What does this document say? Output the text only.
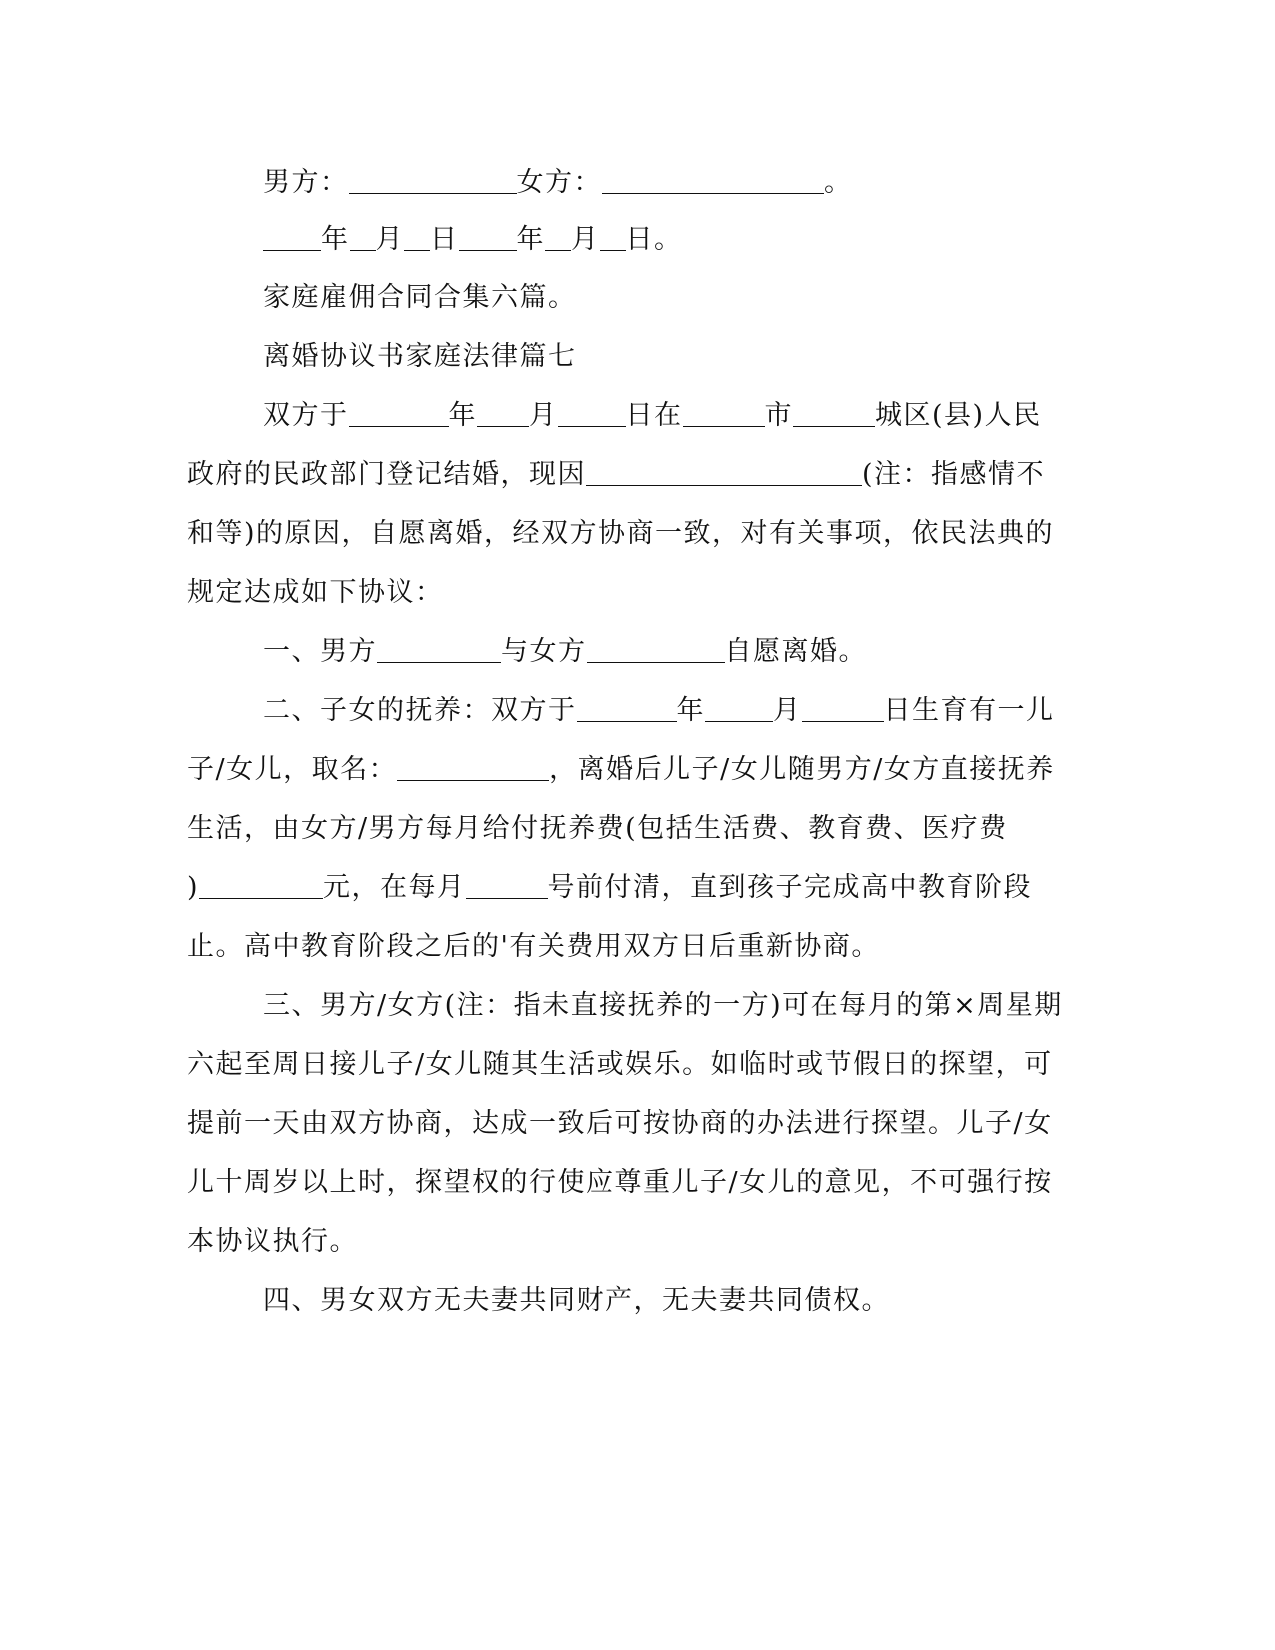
男方：	女方：	。
年 月 日 年 月 日。
家庭雇佣合同合集六篇。
离婚协议书家庭法律篇七
双方于	年 月	日在	市	城区(县)人民
政府的民政部门登记结婚，现因	(注：指感情不
和等)的原因，自愿离婚，经双方协商一致，对有关事项，依民法典的
规定达成如下协议：
一、男方	与女方	自愿离婚。
二、子女的抚养：双方于	年	月	日生育有一儿
子/女儿，取名：	，离婚后儿子/女儿随男方/女方直接抚养
生活，由女方/男方每月给付抚养费(包括生活费、教育费、医疗费
)	元，在每月	号前付清，直到孩子完成高中教育阶段
止。高中教育阶段之后的'有关费用双方日后重新协商。
三、男方/女方(注：指未直接抚养的一方)可在每月的第×周星期
六起至周日接儿子/女儿随其生活或娱乐。如临时或节假日的探望，可
提前一天由双方协商，达成一致后可按协商的办法进行探望。儿子/女
儿十周岁以上时，探望权的行使应尊重儿子/女儿的意见，不可强行按
本协议执行。
四、男女双方无夫妻共同财产，无夫妻共同债权。
